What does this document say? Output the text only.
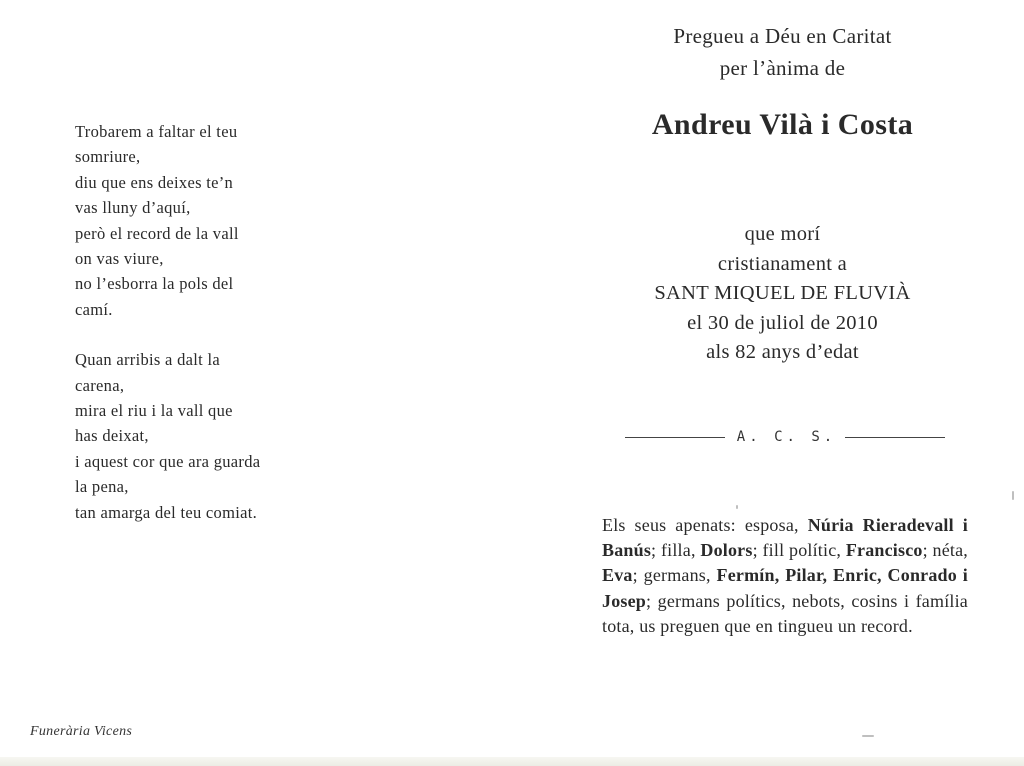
Trobarem a faltar el teu
somriure,
diu que ens deixes te’n
vas lluny d’aquí,
però el record de la vall
on vas viure,
no l’esborra la pols del
camí.
Quan arribis a dalt la
carena,
mira el riu i la vall que
has deixat,
i aquest cor que ara guarda
la pena,
tan amarga del teu comiat.
Pregueu a Déu en Caritat
per l’ànima de
Andreu Vilà i Costa
que morí
cristianament a
SANT MIQUEL DE FLUVIÀ
el 30 de juliol de 2010
als 82 anys d’edat
A. C. S.
Els seus apenats: esposa, Núria Rieradevall i Banús; filla, Dolors; fill polític, Francisco; néta, Eva; germans, Fermín, Pilar, Enric, Conrado i Josep; germans polítics, nebots, cosins i família tota, us preguen que en tingueu un record.
Funerària Vicens
